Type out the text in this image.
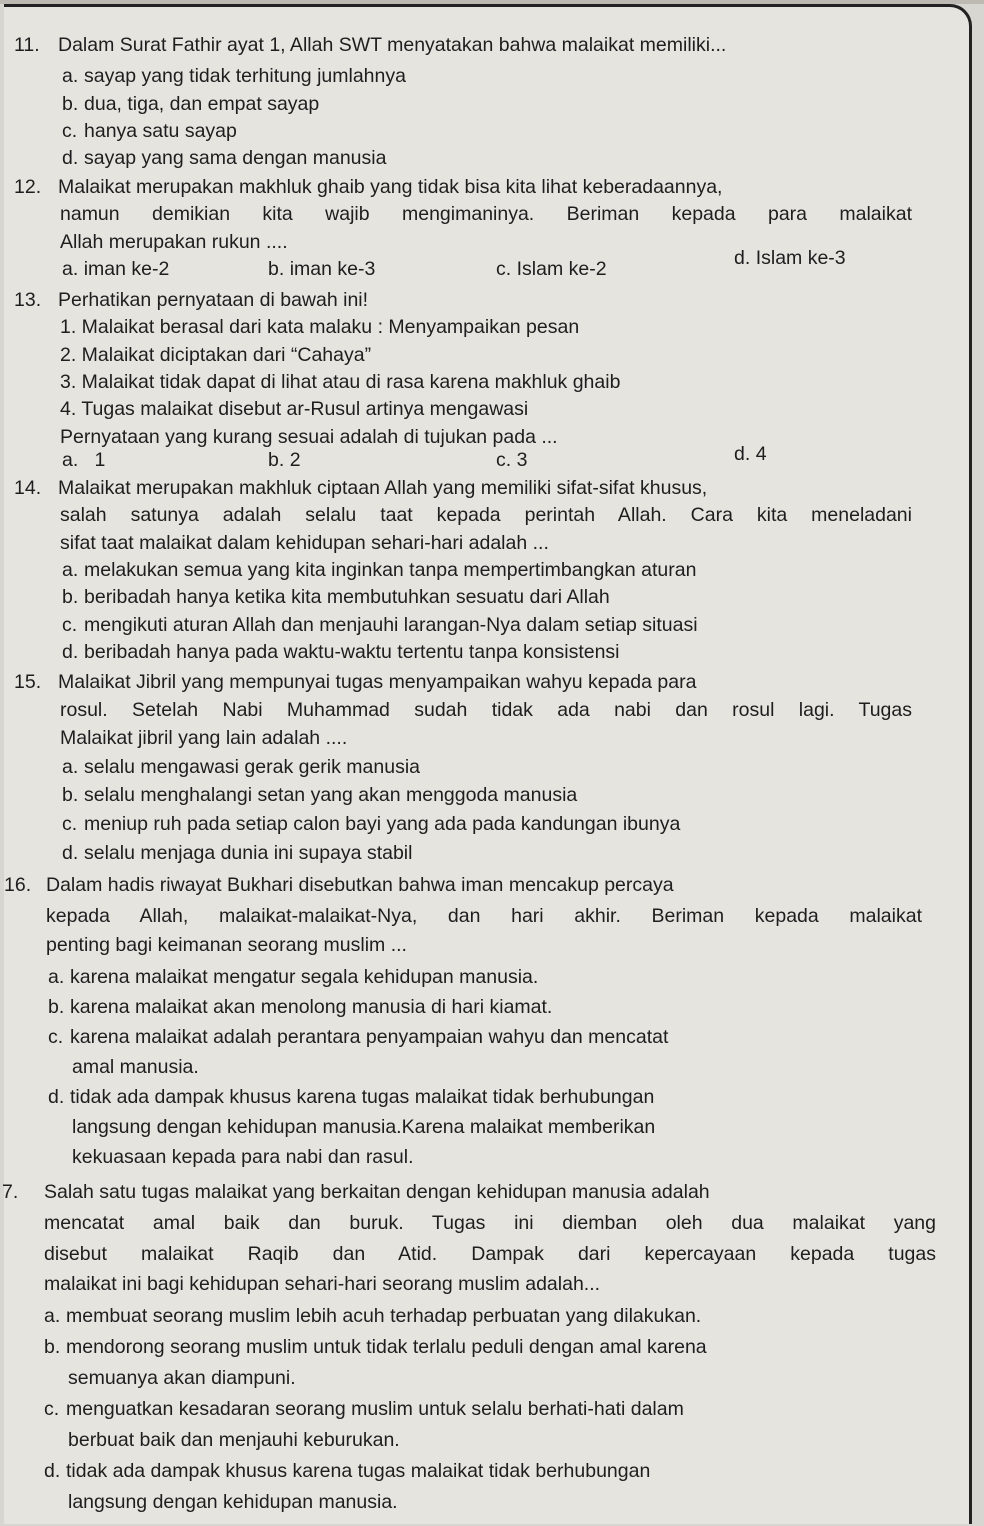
11. Dalam Surat Fathir ayat 1, Allah SWT menyatakan bahwa malaikat memiliki...
a. sayap yang tidak terhitung jumlahnya
b. dua, tiga, dan empat sayap
c. hanya satu sayap
d. sayap yang sama dengan manusia
12. Malaikat merupakan makhluk ghaib yang tidak bisa kita lihat keberadaannya,
namun demikian kita wajib mengimaninya. Beriman kepada para malaikat
Allah merupakan rukun ....
a. iman ke-2	b. iman ke-3	c. Islam ke-2	d. Islam ke-3
13. Perhatikan pernyataan di bawah ini!
1. Malaikat berasal dari kata malaku : Menyampaikan pesan
2. Malaikat diciptakan dari “Cahaya”
3. Malaikat tidak dapat di lihat atau di rasa karena makhluk ghaib
4. Tugas malaikat disebut ar-Rusul artinya mengawasi
Pernyataan yang kurang sesuai adalah di tujukan pada ...
a. 1	b. 2	c. 3	d. 4
14. Malaikat merupakan makhluk ciptaan Allah yang memiliki sifat-sifat khusus,
salah satunya adalah selalu taat kepada perintah Allah. Cara kita meneladani
sifat taat malaikat dalam kehidupan sehari-hari adalah ...
a. melakukan semua yang kita inginkan tanpa mempertimbangkan aturan
b. beribadah hanya ketika kita membutuhkan sesuatu dari Allah
c. mengikuti aturan Allah dan menjauhi larangan-Nya dalam setiap situasi
d. beribadah hanya pada waktu-waktu tertentu tanpa konsistensi
15. Malaikat Jibril yang mempunyai tugas menyampaikan wahyu kepada para
rosul. Setelah Nabi Muhammad sudah tidak ada nabi dan rosul lagi. Tugas
Malaikat jibril yang lain adalah ....
a. selalu mengawasi gerak gerik manusia
b. selalu menghalangi setan yang akan menggoda manusia
c. meniup ruh pada setiap calon bayi yang ada pada kandungan ibunya
d. selalu menjaga dunia ini supaya stabil
16. Dalam hadis riwayat Bukhari disebutkan bahwa iman mencakup percaya
kepada Allah, malaikat-malaikat-Nya, dan hari akhir. Beriman kepada malaikat
penting bagi keimanan seorang muslim ...
a. karena malaikat mengatur segala kehidupan manusia.
b. karena malaikat akan menolong manusia di hari kiamat.
c. karena malaikat adalah perantara penyampaian wahyu dan mencatat
amal manusia.
d. tidak ada dampak khusus karena tugas malaikat tidak berhubungan
langsung dengan kehidupan manusia.Karena malaikat memberikan
kekuasaan kepada para nabi dan rasul.
7. Salah satu tugas malaikat yang berkaitan dengan kehidupan manusia adalah
mencatat amal baik dan buruk. Tugas ini diemban oleh dua malaikat yang
disebut malaikat Raqib dan Atid. Dampak dari kepercayaan kepada tugas
malaikat ini bagi kehidupan sehari-hari seorang muslim adalah...
a. membuat seorang muslim lebih acuh terhadap perbuatan yang dilakukan.
b. mendorong seorang muslim untuk tidak terlalu peduli dengan amal karena
semuanya akan diampuni.
c. menguatkan kesadaran seorang muslim untuk selalu berhati-hati dalam
berbuat baik dan menjauhi keburukan.
d. tidak ada dampak khusus karena tugas malaikat tidak berhubungan
langsung dengan kehidupan manusia.
